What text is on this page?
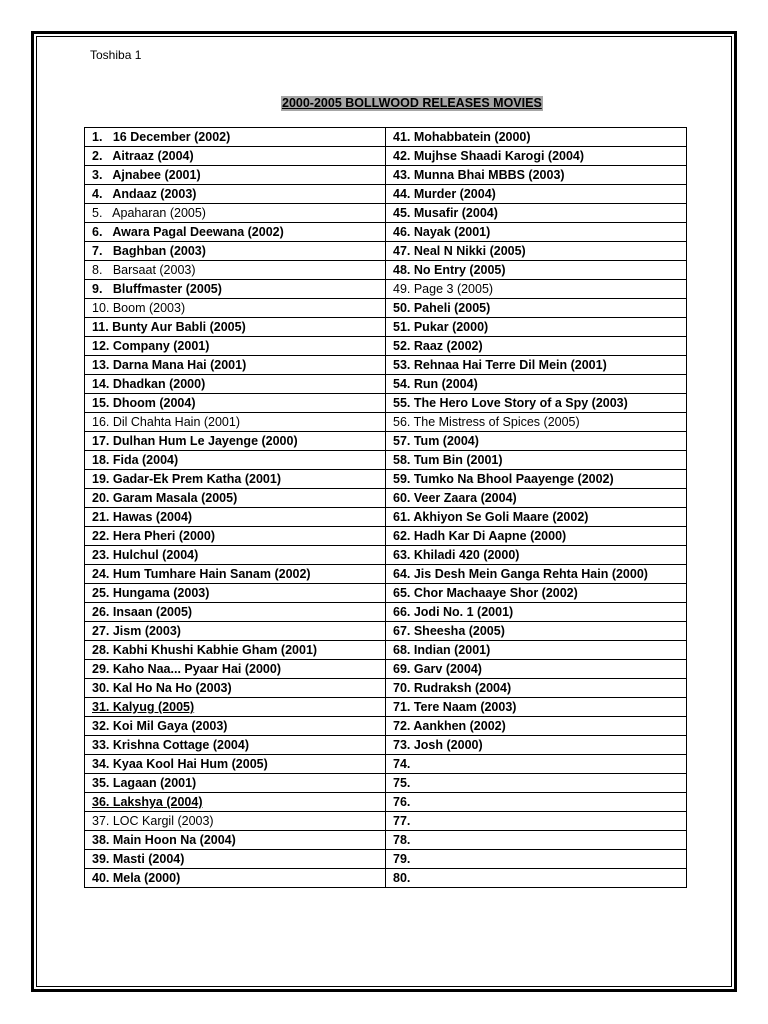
Toshiba 1
2000-2005 BOLLWOOD RELEASES MOVIES
1.   16 December (2002)	41. Mohabbatein (2000)
2.   Aitraaz (2004)	42. Mujhse Shaadi Karogi (2004)
3.   Ajnabee (2001)	43. Munna Bhai MBBS (2003)
4.   Andaaz (2003)	44. Murder (2004)
5.   Apaharan (2005)	45. Musafir (2004)
6.   Awara Pagal Deewana (2002)	46. Nayak (2001)
7.   Baghban (2003)	47. Neal N Nikki (2005)
8.   Barsaat (2003)	48. No Entry (2005)
9.   Bluffmaster (2005)	49. Page 3 (2005)
10. Boom (2003)	50. Paheli (2005)
11. Bunty Aur Babli (2005)	51. Pukar (2000)
12. Company (2001)	52. Raaz (2002)
13. Darna Mana Hai (2001)	53. Rehnaa Hai Terre Dil Mein (2001)
14. Dhadkan (2000)	54. Run (2004)
15. Dhoom (2004)	55. The Hero Love Story of a Spy (2003)
16. Dil Chahta Hain (2001)	56. The Mistress of Spices (2005)
17. Dulhan Hum Le Jayenge (2000)	57. Tum (2004)
18. Fida (2004)	58. Tum Bin (2001)
19. Gadar-Ek Prem Katha (2001)	59. Tumko Na Bhool Paayenge (2002)
20. Garam Masala (2005)	60. Veer Zaara (2004)
21. Hawas (2004)	61. Akhiyon Se Goli Maare (2002)
22. Hera Pheri (2000)	62. Hadh Kar Di Aapne (2000)
23. Hulchul (2004)	63. Khiladi 420 (2000)
24. Hum Tumhare Hain Sanam (2002)	64. Jis Desh Mein Ganga Rehta Hain (2000)
25. Hungama (2003)	65. Chor Machaaye Shor (2002)
26. Insaan (2005)	66. Jodi No. 1 (2001)
27. Jism (2003)	67. Sheesha (2005)
28. Kabhi Khushi Kabhie Gham (2001)	68. Indian (2001)
29. Kaho Naa... Pyaar Hai (2000)	69. Garv (2004)
30. Kal Ho Na Ho (2003)	70. Rudraksh (2004)
31. Kalyug (2005)	71. Tere Naam (2003)
32. Koi Mil Gaya (2003)	72. Aankhen (2002)
33. Krishna Cottage (2004)	73. Josh (2000)
34. Kyaa Kool Hai Hum (2005)	74.
35. Lagaan (2001)	75.
36. Lakshya (2004)	76.
37. LOC Kargil (2003)	77.
38. Main Hoon Na (2004)	78.
39. Masti (2004)	79.
40. Mela (2000)	80.
